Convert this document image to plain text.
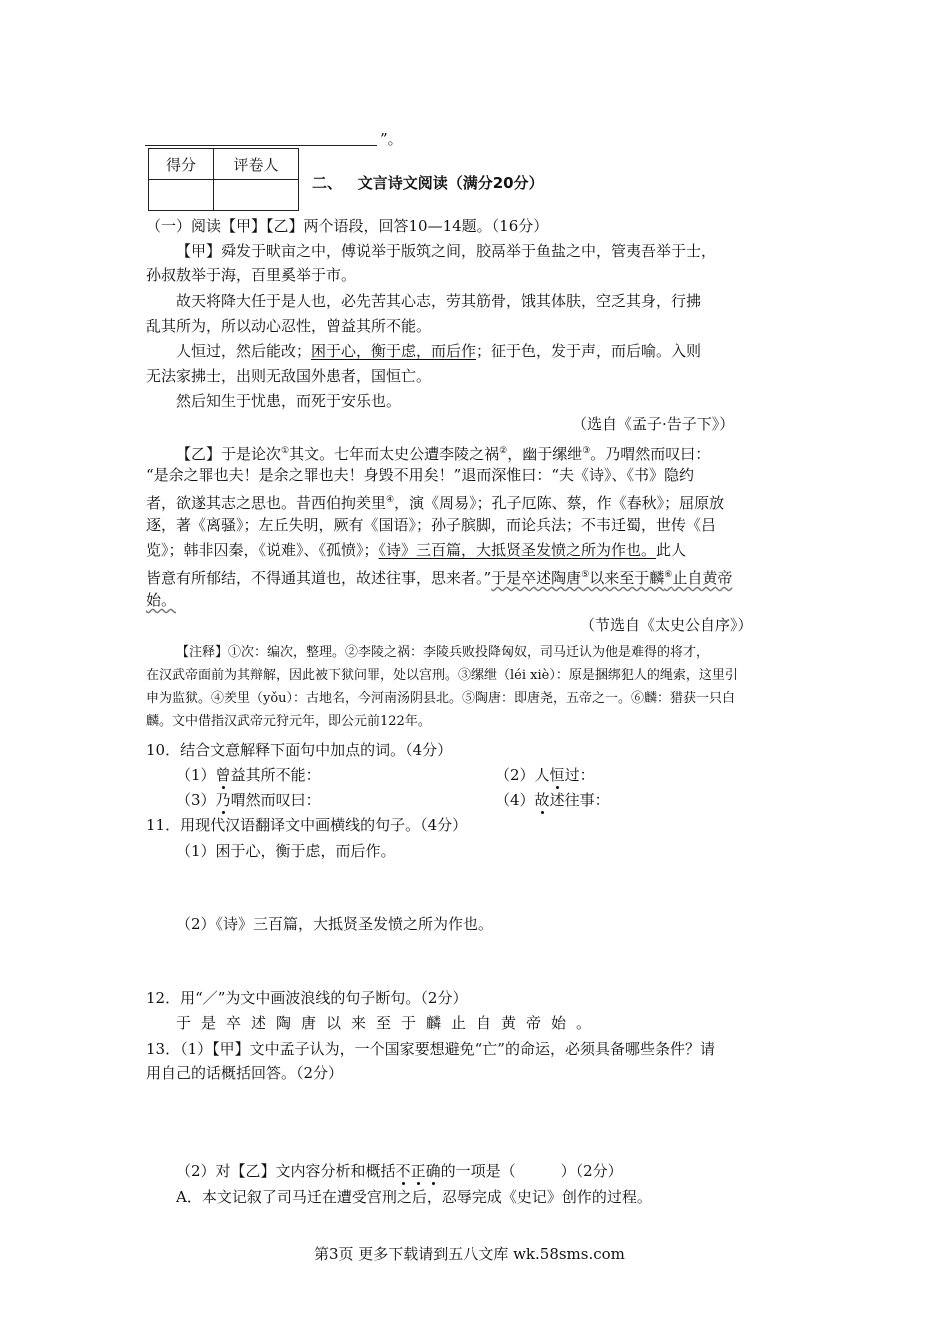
”。
得分	评卷人

二、 文言诗文阅读（满分20分）
（一）阅读【甲】【乙】两个语段，回答10—14题。（16分）
【甲】舜发于畎亩之中，傅说举于版筑之间，胶鬲举于鱼盐之中，管夷吾举于士，
孙叔敖举于海，百里奚举于市。
故天将降大任于是人也，必先苦其心志，劳其筋骨，饿其体肤，空乏其身，行拂
乱其所为，所以动心忍性，曾益其所不能。
人恒过，然后能改；困于心，衡于虑，而后作；征于色，发于声，而后喻。入则
无法家拂士，出则无敌国外患者，国恒亡。
然后知生于忧患，而死于安乐也。
（选自《孟子·告子下》）
【乙】于是论次①其文。七年而太史公遭李陵之祸②，幽于缧绁③。乃喟然而叹曰：
“是余之罪也夫！是余之罪也夫！身毁不用矣！”退而深惟曰：“夫《诗》、《书》隐约
者，欲遂其志之思也。昔西伯拘羑里④，演《周易》；孔子厄陈、蔡，作《春秋》；屈原放
逐，著《离骚》；左丘失明，厥有《国语》；孙子膑脚，而论兵法；不韦迁蜀，世传《吕
览》；韩非囚秦，《说难》、《孤愤》；《诗》三百篇，大抵贤圣发愤之所为作也。此人
皆意有所郁结，不得通其道也，故述往事，思来者。”于是卒述陶唐⑤以来至于麟⑥止自黄帝
始。
（节选自《太史公自序》）
【注释】①次：编次，整理。②李陵之祸：李陵兵败投降匈奴，司马迁认为他是难得的将才，
在汉武帝面前为其辩解，因此被下狱问罪，处以宫刑。③缧绁（léi xiè）：原是捆绑犯人的绳索，这里引
申为监狱。④羑里（yǒu）：古地名，今河南汤阴县北。⑤陶唐：即唐尧，五帝之一。⑥麟：猎获一只白
麟。文中借指汉武帝元狩元年，即公元前122年。
10．结合文意解释下面句中加点的词。（4分）
（1）曾益其所不能：	（2）人恒过：
（3）乃喟然而叹曰：	（4）故述往事：
11．用现代汉语翻译文中画横线的句子。（4分）
（1）困于心，衡于虑，而后作。
（2）《诗》三百篇，大抵贤圣发愤之所为作也。
12．用“／”为文中画波浪线的句子断句。（2分）
于是卒述陶唐以来至于麟止自黄帝始。
13．（1）【甲】文中孟子认为，一个国家要想避免“亡”的命运，必须具备哪些条件？请
用自己的话概括回答。（2分）
（2）对【乙】文内容分析和概括不正确的一项是（　　　）（2分）
A．本文记叙了司马迁在遭受宫刑之后，忍辱完成《史记》创作的过程。
第3页 更多下载请到五八文库 wk.58sms.com
